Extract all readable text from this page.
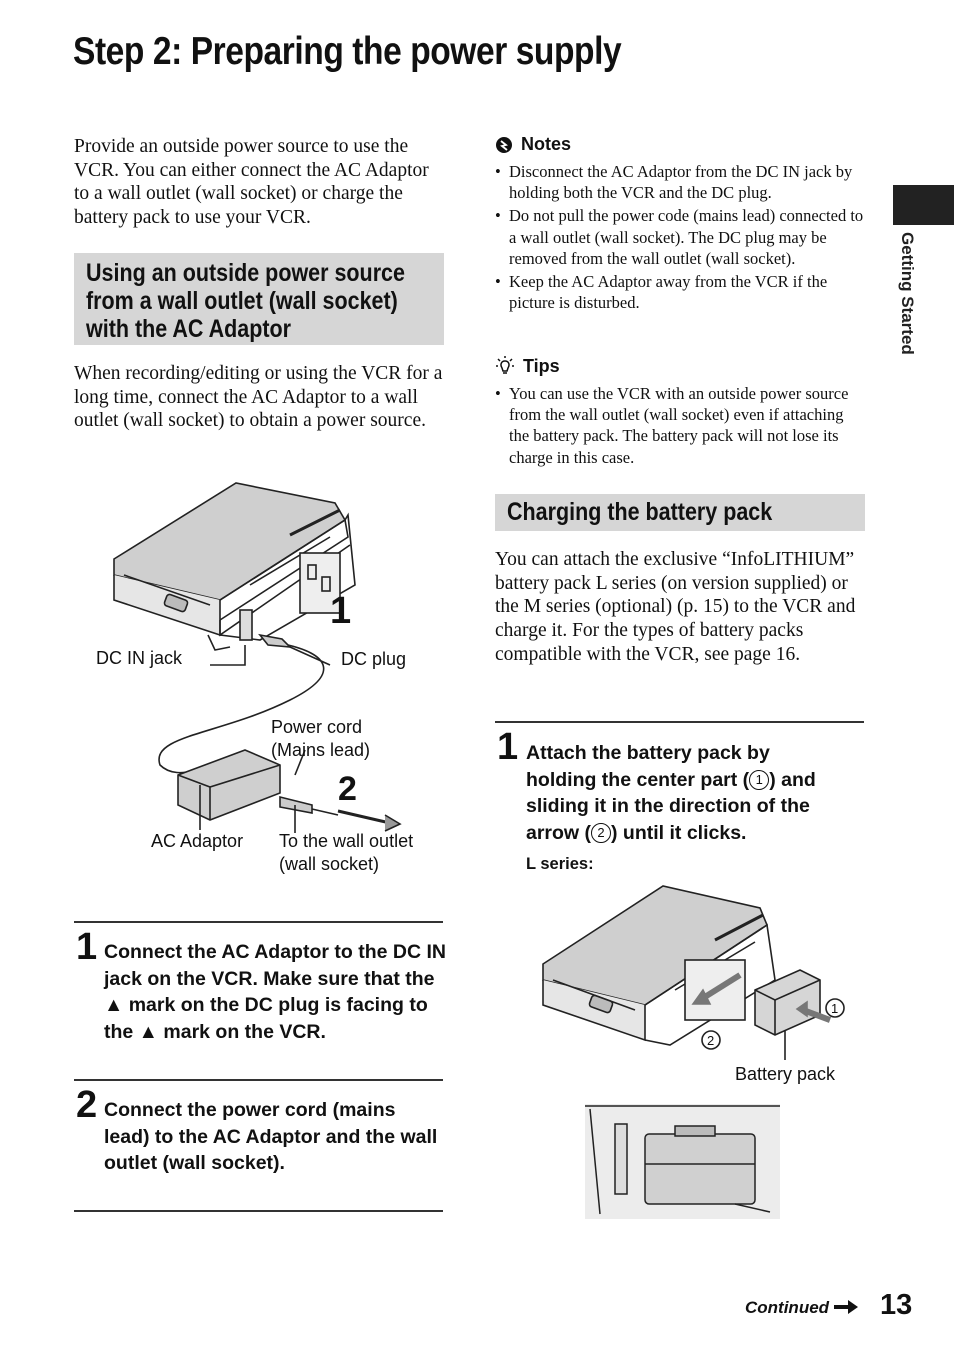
Step 2: Preparing the power supply
Getting Started
Provide an outside power source to use the VCR. You can either connect the AC Adaptor to a wall outlet (wall socket) or charge the battery pack to use your VCR.
Using an outside power source
from a wall outlet (wall socket)
with the AC Adaptor
When recording/editing or using the VCR for a long time, connect the AC Adaptor to a wall outlet (wall socket) to obtain a power source.
1
2
DC IN jack	DC plug
Power cord
(Mains lead)
AC Adaptor To the wall outlet
(wall socket)
1 Connect the AC Adaptor to the DC IN jack on the VCR. Make sure that the ▲ mark on the DC plug is facing to the ▲ mark on the VCR.
2 Connect the power cord (mains lead) to the AC Adaptor and the wall outlet (wall socket).
Notes
• Disconnect the AC Adaptor from the DC IN jack by holding both the VCR and the DC plug.
• Do not pull the power code (mains lead) connected to a wall outlet (wall socket). The DC plug may be removed from the wall outlet (wall socket).
• Keep the AC Adaptor away from the VCR if the picture is disturbed.
Tips
• You can use the VCR with an outside power source from the wall outlet (wall socket) even if attaching the battery pack. The battery pack will not lose its charge in this case.
Charging the battery pack
You can attach the exclusive “InfoLITHIUM” battery pack L series (on version supplied) or the M series (optional) (p. 15) to the VCR and charge it. For the types of battery packs compatible with the VCR, see page 16.
1 Attach the battery pack by
holding the center part ( 1 ) and
sliding it in the direction of the
arrow ( 2 ) until it clicks.
L series:
1
2
Battery pack
Continued	13
